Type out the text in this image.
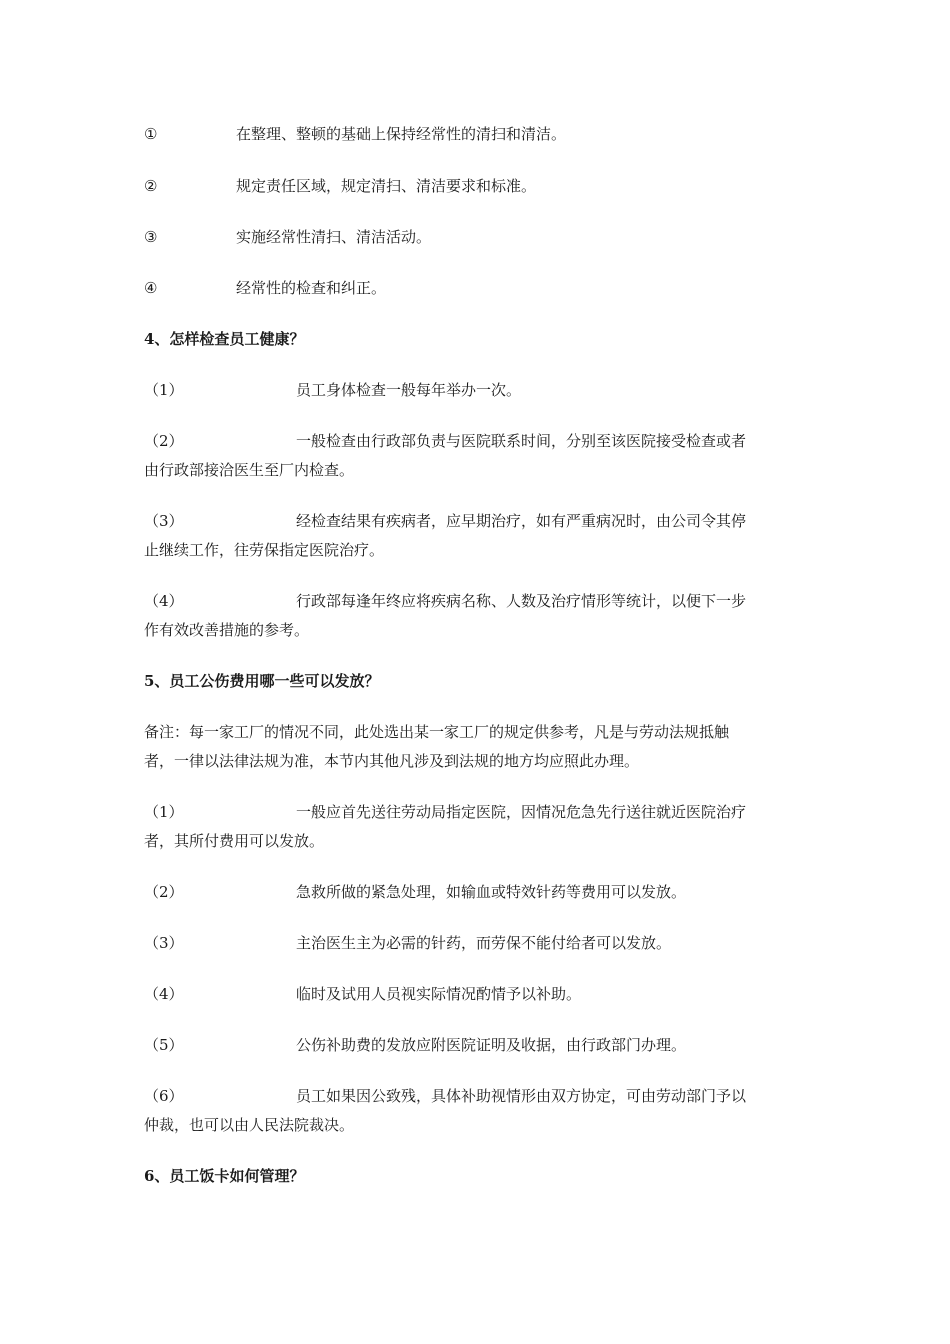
①	在整理、整顿的基础上保持经常性的清扫和清洁。
②	规定责任区域，规定清扫、清洁要求和标准。
③	实施经常性清扫、清洁活动。
④	经常性的检查和纠正。
4、怎样检查员工健康？
（1）	员工身体检查一般每年举办一次。
（2）	一般检查由行政部负责与医院联系时间，分别至该医院接受检查或者
由行政部接洽医生至厂内检查。
（3）	经检查结果有疾病者，应早期治疗，如有严重病况时，由公司令其停
止继续工作，往劳保指定医院治疗。
（4）	行政部每逢年终应将疾病名称、人数及治疗情形等统计，以便下一步
作有效改善措施的参考。
5、员工公伤费用哪一些可以发放？
备注：每一家工厂的情况不同，此处选出某一家工厂的规定供参考，凡是与劳动法规抵触
者，一律以法律法规为准，本节内其他凡涉及到法规的地方均应照此办理。
（1）	一般应首先送往劳动局指定医院，因情况危急先行送往就近医院治疗
者，其所付费用可以发放。
（2）	急救所做的紧急处理，如输血或特效针药等费用可以发放。
（3）	主治医生主为必需的针药，而劳保不能付给者可以发放。
（4）	临时及试用人员视实际情况酌情予以补助。
（5）	公伤补助费的发放应附医院证明及收据，由行政部门办理。
（6）	员工如果因公致残，具体补助视情形由双方协定，可由劳动部门予以
仲裁，也可以由人民法院裁决。
6、员工饭卡如何管理？
